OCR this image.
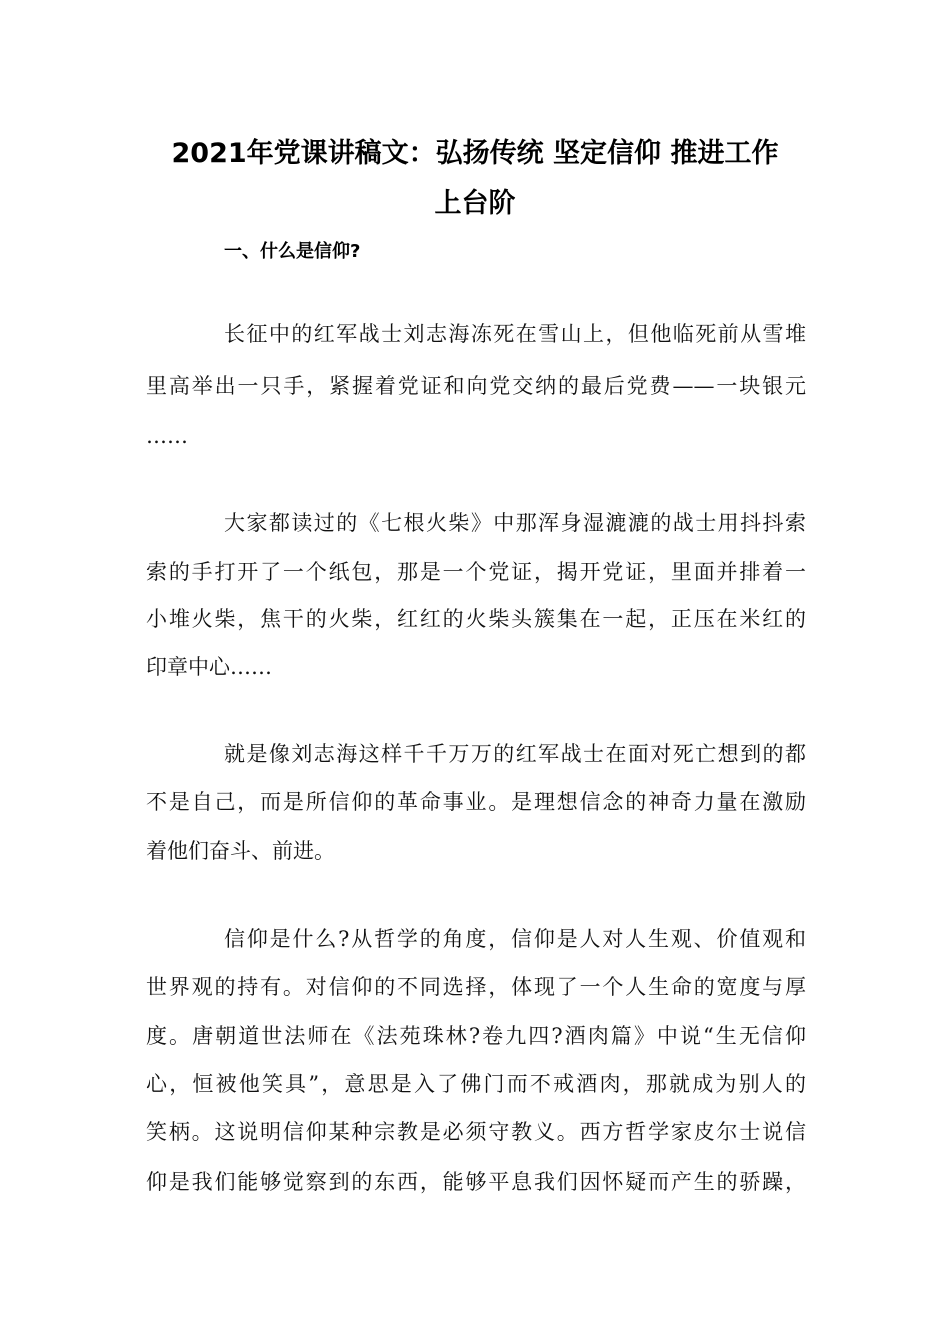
2021年党课讲稿文：弘扬传统 坚定信仰 推进工作
上台阶
一、什么是信仰?
长征中的红军战士刘志海冻死在雪山上，但他临死前从雪堆
里高举出一只手，紧握着党证和向党交纳的最后党费——一块银元
……
大家都读过的《七根火柴》中那浑身湿漉漉的战士用抖抖索
索的手打开了一个纸包，那是一个党证，揭开党证，里面并排着一
小堆火柴，焦干的火柴，红红的火柴头簇集在一起，正压在米红的
印章中心……
就是像刘志海这样千千万万的红军战士在面对死亡想到的都
不是自己，而是所信仰的革命事业。是理想信念的神奇力量在激励
着他们奋斗、前进。
信仰是什么?从哲学的角度，信仰是人对人生观、价值观和
世界观的持有。对信仰的不同选择，体现了一个人生命的宽度与厚
度。唐朝道世法师在《法苑珠林?卷九四?酒肉篇》中说“生无信仰
心，恒被他笑具”，意思是入了佛门而不戒酒肉，那就成为别人的
笑柄。这说明信仰某种宗教是必须守教义。西方哲学家皮尔士说信
仰是我们能够觉察到的东西，能够平息我们因怀疑而产生的骄躁，
